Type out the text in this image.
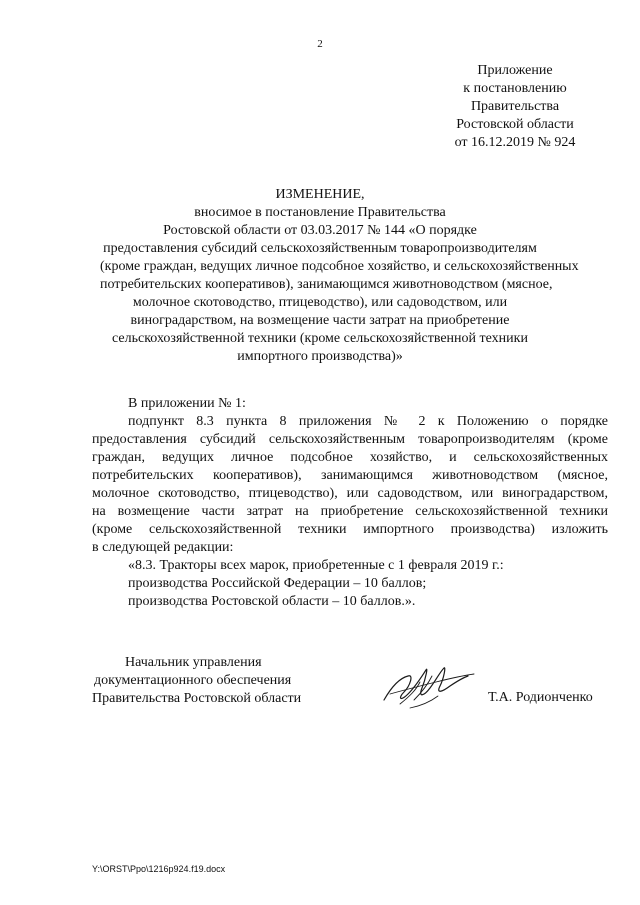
2
Приложение
к постановлению
Правительства
Ростовской области
от 16.12.2019 № 924
ИЗМЕНЕНИЕ,
вносимое в постановление Правительства
Ростовской области от 03.03.2017 № 144 «О порядке
предоставления субсидий сельскохозяйственным товаропроизводителям
(кроме граждан, ведущих личное подсобное хозяйство, и сельскохозяйственных
потребительских кооперативов), занимающимся животноводством (мясное,
молочное скотоводство, птицеводство), или садоводством, или
виноградарством, на возмещение части затрат на приобретение
сельскохозяйственной техники (кроме сельскохозяйственной техники
импортного производства)»
В приложении № 1:
подпункт 8.3 пункта 8 приложения № 2 к Положению о порядке
предоставления субсидий сельскохозяйственным товаропроизводителям (кроме
граждан, ведущих личное подсобное хозяйство, и сельскохозяйственных
потребительских кооперативов), занимающимся животноводством (мясное,
молочное скотоводство, птицеводство), или садоводством, или виноградарством,
на возмещение части затрат на приобретение сельскохозяйственной техники
(кроме сельскохозяйственной техники импортного производства) изложить
в следующей редакции:
«8.3. Тракторы всех марок, приобретенные с 1 февраля 2019 г.:
производства Российской Федерации – 10 баллов;
производства Ростовской области – 10 баллов.».
Начальник управления
документационного обеспечения
Правительства Ростовской области	Т.А. Родионченко
Y:\ORST\Ppo\1216p924.f19.docx
